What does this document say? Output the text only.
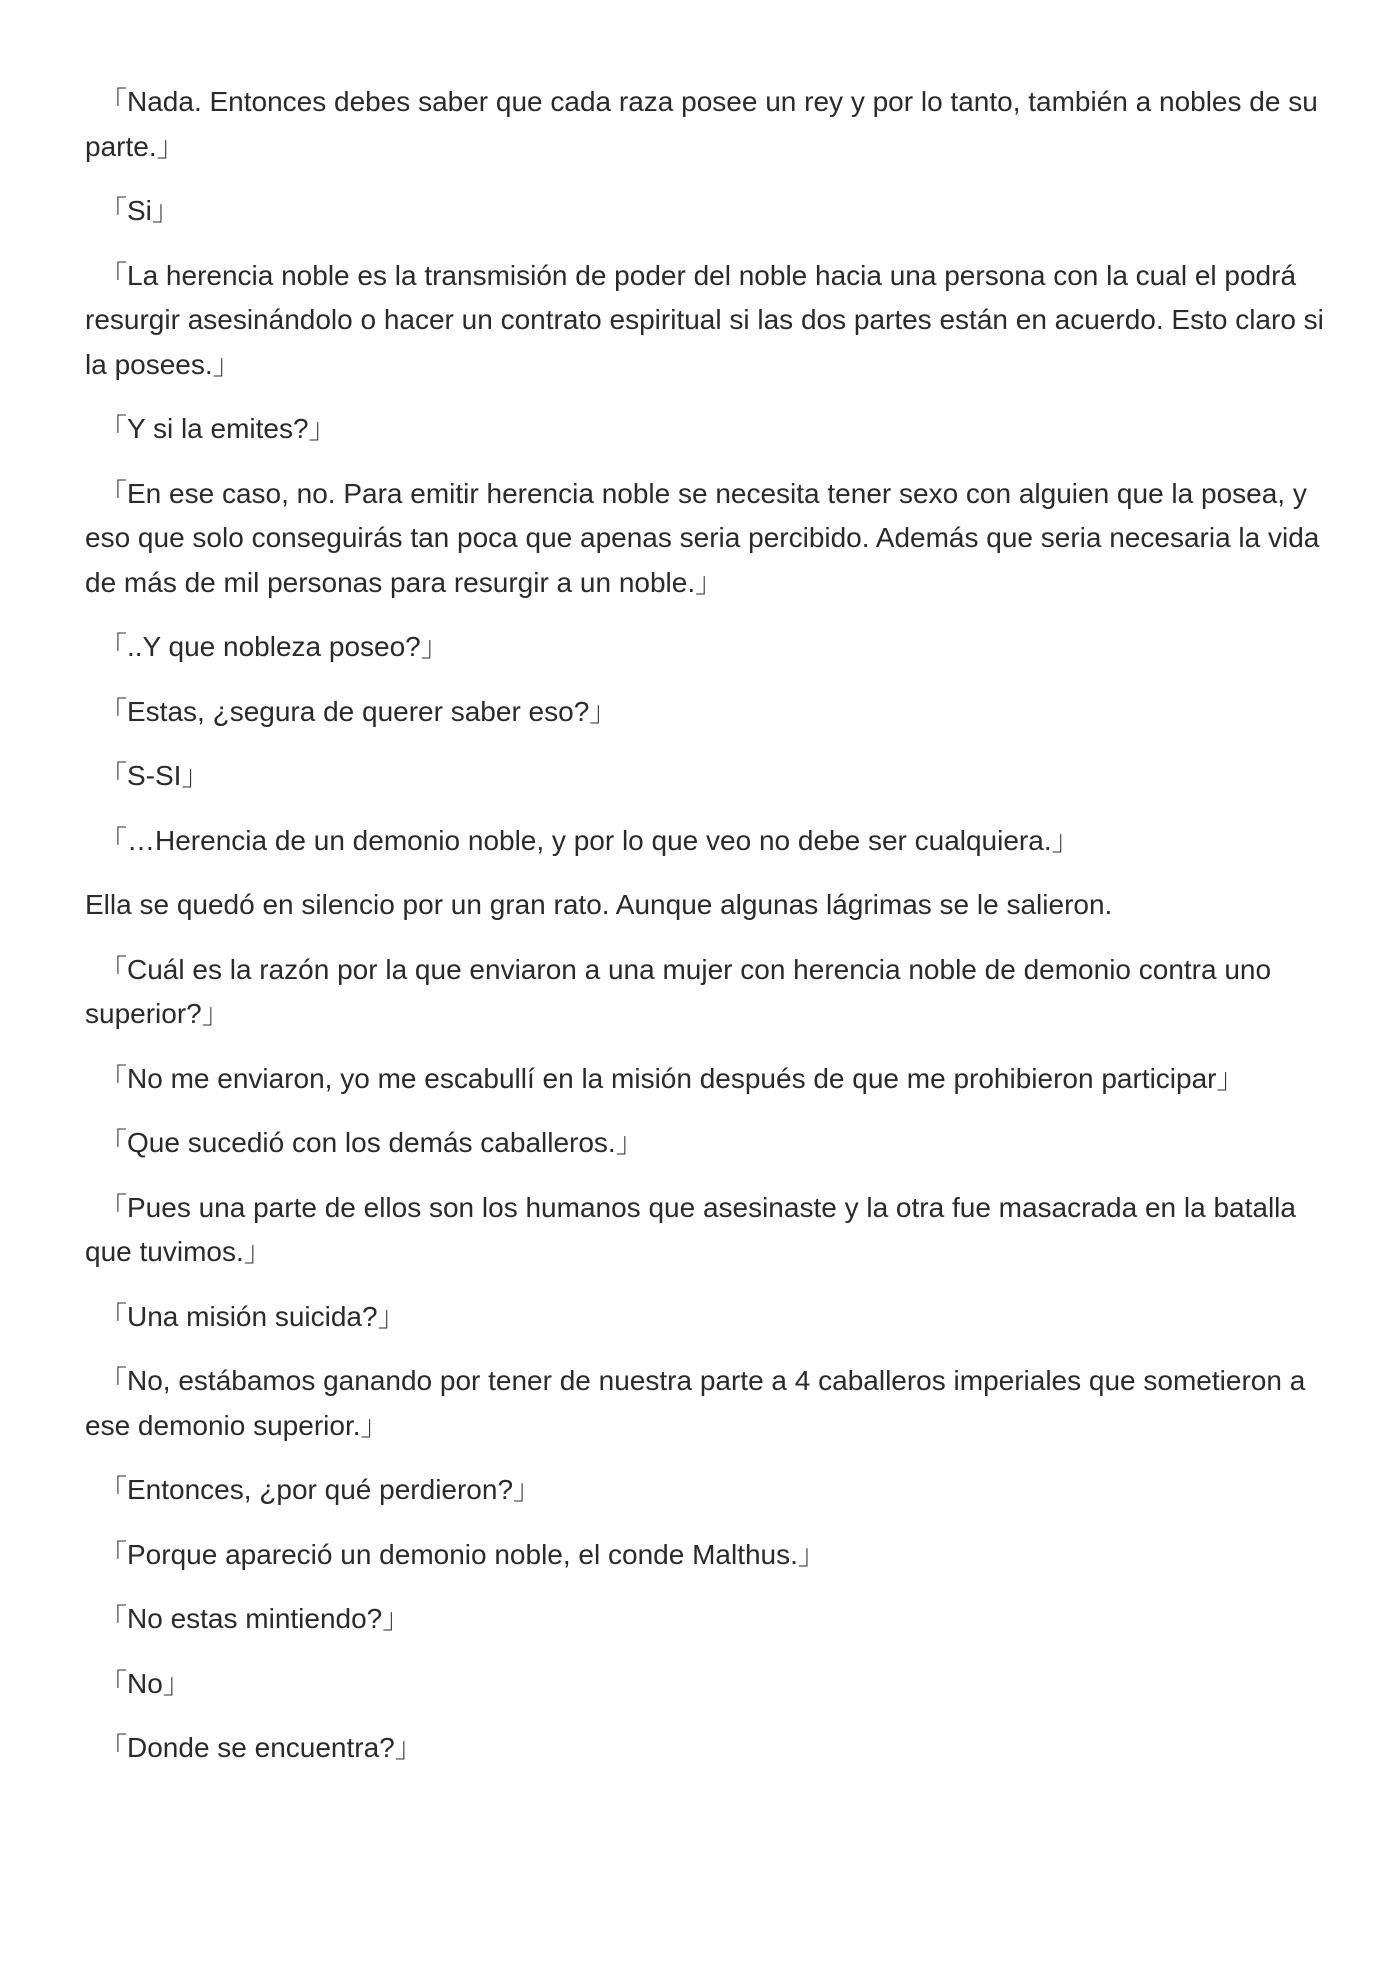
「Nada. Entonces debes saber que cada raza posee un rey y por lo tanto, también a nobles de su parte.」

「Si」

「La herencia noble es la transmisión de poder del noble hacia una persona con la cual el podrá resurgir asesinándolo o hacer un contrato espiritual si las dos partes están en acuerdo. Esto claro si la posees.」

「Y si la emites?」

「En ese caso, no. Para emitir herencia noble se necesita tener sexo con alguien que la posea, y eso que solo conseguirás tan poca que apenas seria percibido. Además que seria necesaria la vida de más de mil personas para resurgir a un noble.」

「..Y que nobleza poseo?」

「Estas, ¿segura de querer saber eso?」

「S-SI」

「…Herencia de un demonio noble, y por lo que veo no debe ser cualquiera.」

Ella se quedó en silencio por un gran rato. Aunque algunas lágrimas se le salieron.

「Cuál es la razón por la que enviaron a una mujer con herencia noble de demonio contra uno superior?」

「No me enviaron, yo me escabullí en la misión después de que me prohibieron participar」

「Que sucedió con los demás caballeros.」

「Pues una parte de ellos son los humanos que asesinaste y la otra fue masacrada en la batalla que tuvimos.」

「Una misión suicida?」

「No, estábamos ganando por tener de nuestra parte a 4 caballeros imperiales que sometieron a ese demonio superior.」

「Entonces, ¿por qué perdieron?」

「Porque apareció un demonio noble, el conde Malthus.」

「No estas mintiendo?」

「No」

「Donde se encuentra?」
